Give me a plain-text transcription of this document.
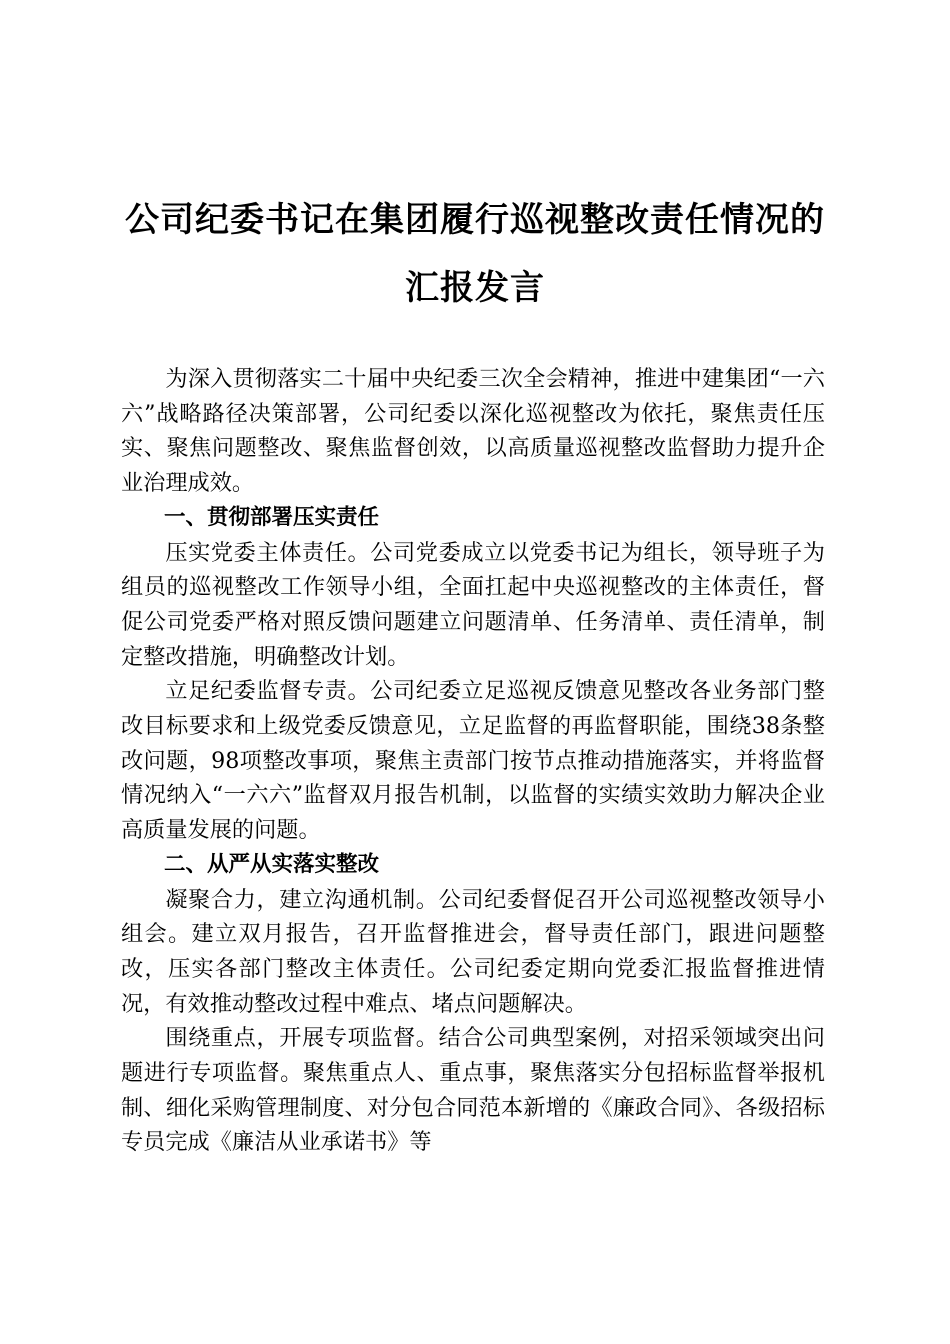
公司纪委书记在集团履行巡视整改责任情况的
汇报发言

为深入贯彻落实二十届中央纪委三次全会精神，推进中建集团“一六六”战略路径决策部署，公司纪委以深化巡视整改为依托，聚焦责任压实、聚焦问题整改、聚焦监督创效，以高质量巡视整改监督助力提升企业治理成效。

一、贯彻部署压实责任

压实党委主体责任。公司党委成立以党委书记为组长，领导班子为组员的巡视整改工作领导小组，全面扛起中央巡视整改的主体责任，督促公司党委严格对照反馈问题建立问题清单、任务清单、责任清单，制定整改措施，明确整改计划。

立足纪委监督专责。公司纪委立足巡视反馈意见整改各业务部门整改目标要求和上级党委反馈意见，立足监督的再监督职能，围绕38条整改问题，98项整改事项，聚焦主责部门按节点推动措施落实，并将监督情况纳入“一六六”监督双月报告机制，以监督的实绩实效助力解决企业高质量发展的问题。

二、从严从实落实整改

凝聚合力，建立沟通机制。公司纪委督促召开公司巡视整改领导小组会。建立双月报告，召开监督推进会，督导责任部门，跟进问题整改，压实各部门整改主体责任。公司纪委定期向党委汇报监督推进情况，有效推动整改过程中难点、堵点问题解决。

围绕重点，开展专项监督。结合公司典型案例，对招采领域突出问题进行专项监督。聚焦重点人、重点事，聚焦落实分包招标监督举报机制、细化采购管理制度、对分包合同范本新增的《廉政合同》、各级招标专员完成《廉洁从业承诺书》等
